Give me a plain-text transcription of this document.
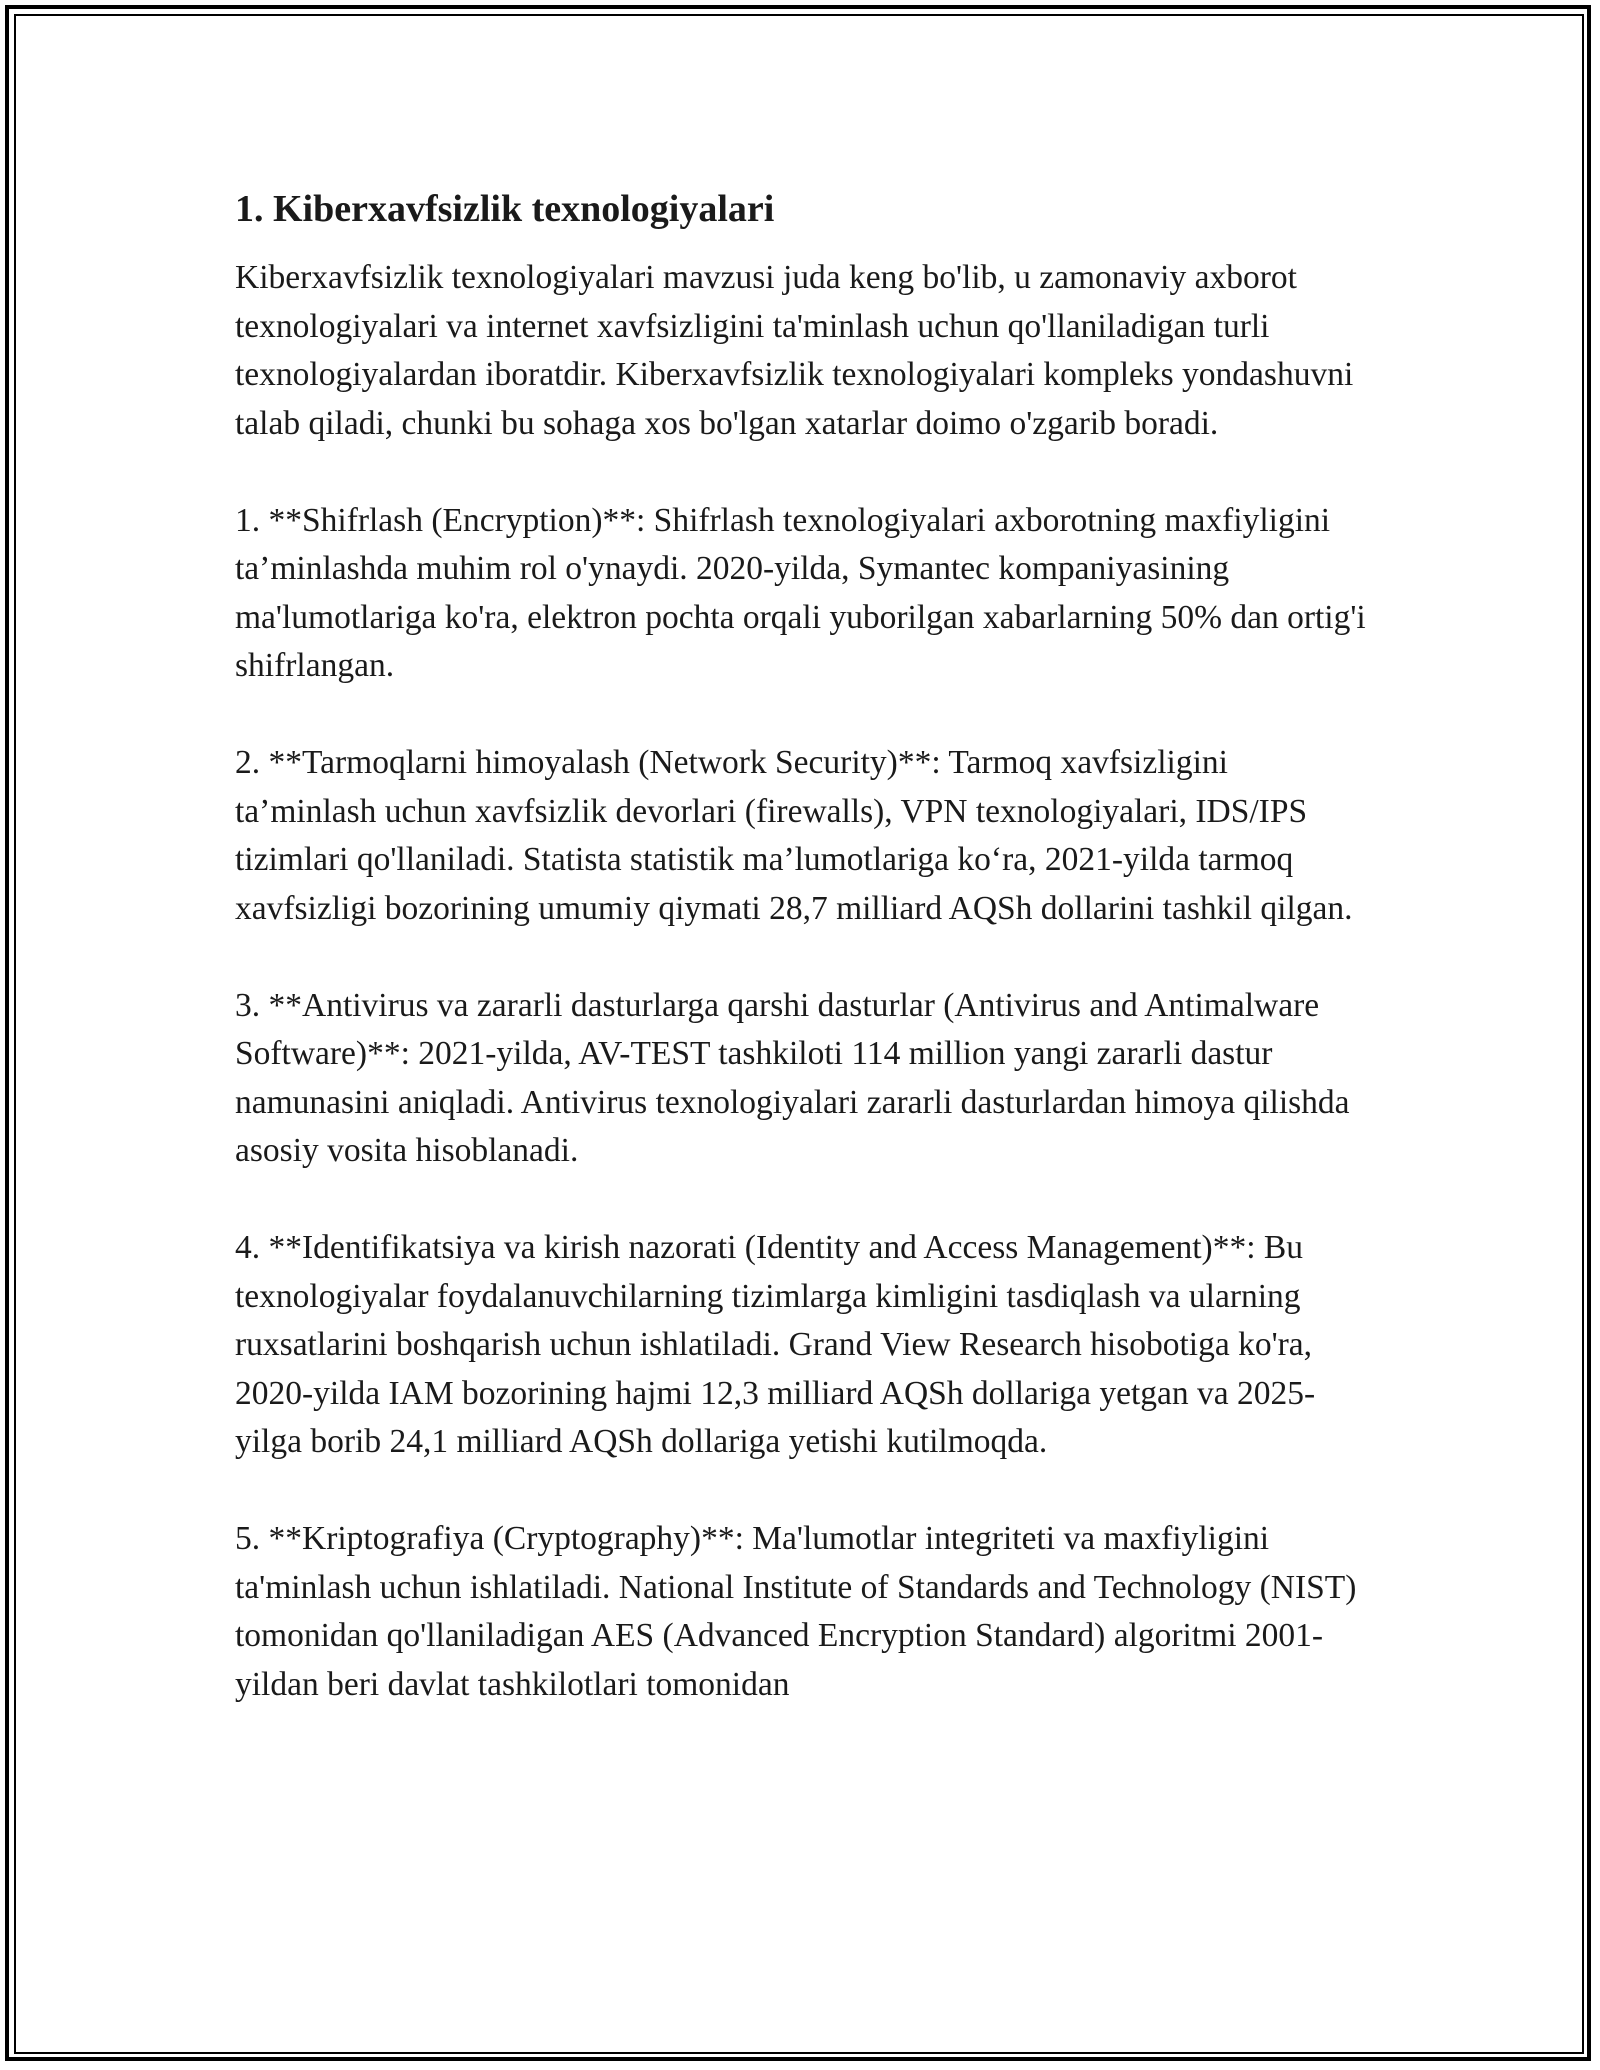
1. Kiberxavfsizlik texnologiyalari

Kiberxavfsizlik texnologiyalari mavzusi juda keng bo'lib, u zamonaviy axborot texnologiyalari va internet xavfsizligini ta'minlash uchun qo'llaniladigan turli texnologiyalardan iboratdir. Kiberxavfsizlik texnologiyalari kompleks yondashuvni talab qiladi, chunki bu sohaga xos bo'lgan xatarlar doimo o'zgarib boradi.

1. **Shifrlash (Encryption)**: Shifrlash texnologiyalari axborotning maxfiyligini ta’minlashda muhim rol o'ynaydi. 2020-yilda, Symantec kompaniyasining ma'lumotlariga ko'ra, elektron pochta orqali yuborilgan xabarlarning 50% dan ortig'i shifrlangan.

2. **Tarmoqlarni himoyalash (Network Security)**: Tarmoq xavfsizligini ta’minlash uchun xavfsizlik devorlari (firewalls), VPN texnologiyalari, IDS/IPS tizimlari qo'llaniladi. Statista statistik ma’lumotlariga ko‘ra, 2021-yilda tarmoq xavfsizligi bozorining umumiy qiymati 28,7 milliard AQSh dollarini tashkil qilgan.

3. **Antivirus va zararli dasturlarga qarshi dasturlar (Antivirus and Antimalware Software)**: 2021-yilda, AV-TEST tashkiloti 114 million yangi zararli dastur namunasini aniqladi. Antivirus texnologiyalari zararli dasturlardan himoya qilishda asosiy vosita hisoblanadi.

4. **Identifikatsiya va kirish nazorati (Identity and Access Management)**: Bu texnologiyalar foydalanuvchilarning tizimlarga kimligini tasdiqlash va ularning ruxsatlarini boshqarish uchun ishlatiladi. Grand View Research hisobotiga ko'ra, 2020-yilda IAM bozorining hajmi 12,3 milliard AQSh dollariga yetgan va 2025-yilga borib 24,1 milliard AQSh dollariga yetishi kutilmoqda.

5. **Kriptografiya (Cryptography)**: Ma'lumotlar integriteti va maxfiyligini ta'minlash uchun ishlatiladi. National Institute of Standards and Technology (NIST) tomonidan qo'llaniladigan AES (Advanced Encryption Standard) algoritmi 2001-yildan beri davlat tashkilotlari tomonidan
